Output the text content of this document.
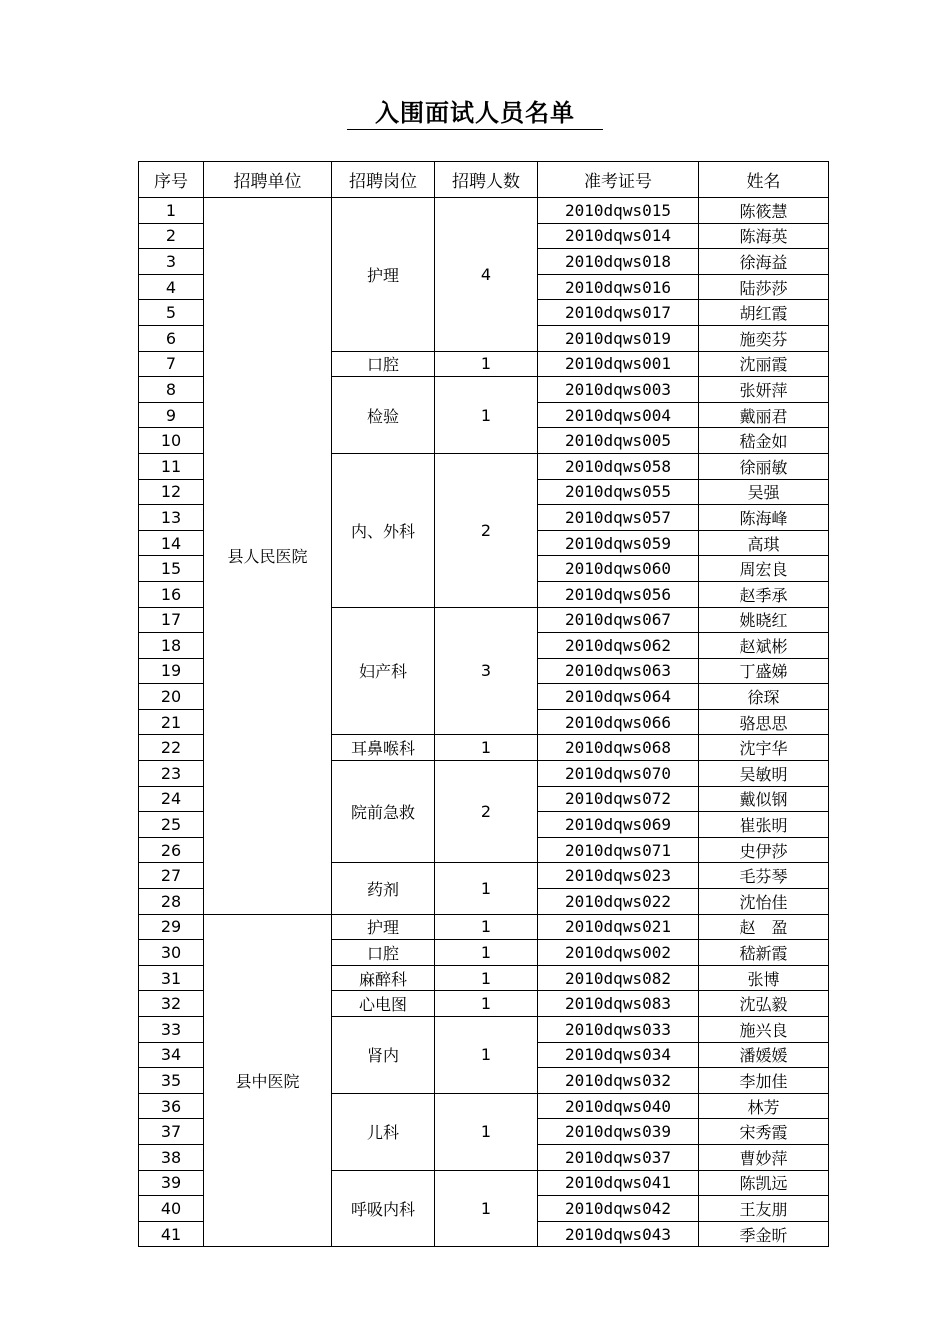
入围面试人员名单
序号	招聘单位	招聘岗位	招聘人数	准考证号	姓名
1	县人民医院	护理	4	2010dqws015	陈筱慧
2				2010dqws014	陈海英
3				2010dqws018	徐海益
4				2010dqws016	陆莎莎
5				2010dqws017	胡红霞
6				2010dqws019	施奕芬
7		口腔	1	2010dqws001	沈丽霞
8		检验	1	2010dqws003	张妍萍
9				2010dqws004	戴丽君
10				2010dqws005	嵇金如
11		内、外科	2	2010dqws058	徐丽敏
12				2010dqws055	吴强
13				2010dqws057	陈海峰
14				2010dqws059	高琪
15				2010dqws060	周宏良
16				2010dqws056	赵季承
17		妇产科	3	2010dqws067	姚晓红
18				2010dqws062	赵斌彬
19				2010dqws063	丁盛娣
20				2010dqws064	徐琛
21				2010dqws066	骆思思
22		耳鼻喉科	1	2010dqws068	沈宇华
23		院前急救	2	2010dqws070	吴敏明
24				2010dqws072	戴似钢
25				2010dqws069	崔张明
26				2010dqws071	史伊莎
27		药剂	1	2010dqws023	毛芬琴
28				2010dqws022	沈怡佳
29	县中医院	护理	1	2010dqws021	赵　盈
30		口腔	1	2010dqws002	嵇新霞
31		麻醉科	1	2010dqws082	张博
32		心电图	1	2010dqws083	沈弘毅
33		肾内	1	2010dqws033	施兴良
34				2010dqws034	潘媛媛
35				2010dqws032	李加佳
36		儿科	1	2010dqws040	林芳
37				2010dqws039	宋秀霞
38				2010dqws037	曹妙萍
39		呼吸内科	1	2010dqws041	陈凯远
40				2010dqws042	王友朋
41				2010dqws043	季金昕
